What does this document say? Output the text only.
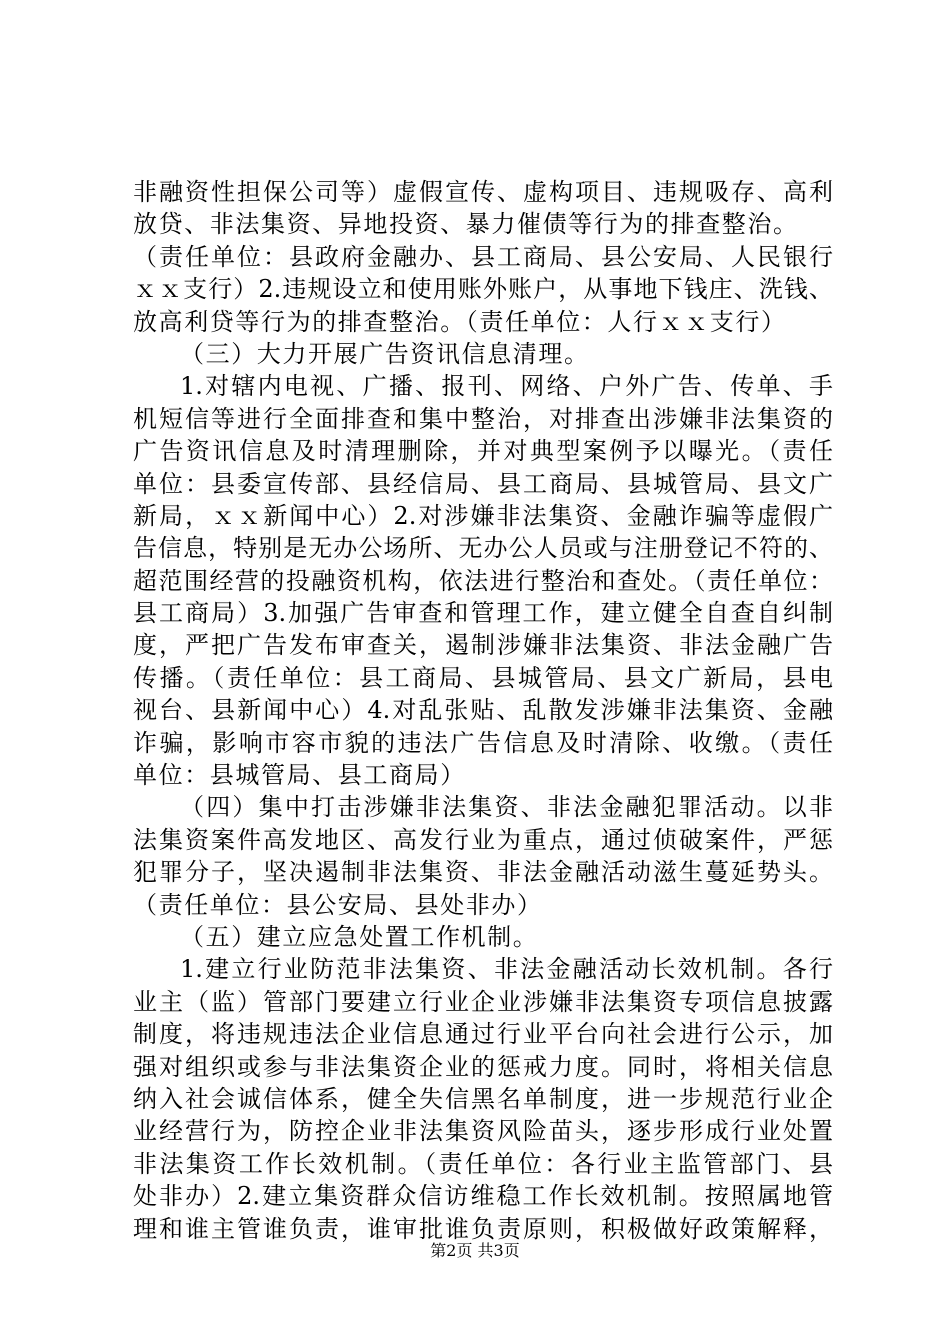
非融资性担保公司等）虚假宣传、虚构项目、违规吸存、高利
放贷、非法集资、异地投资、暴力催债等行为的排查整治。
（责任单位：县政府金融办、县工商局、县公安局、人民银行
ｘｘ支行）2.违规设立和使用账外账户，从事地下钱庄、洗钱、
放高利贷等行为的排查整治。（责任单位：人行ｘｘ支行）
（三）大力开展广告资讯信息清理。
1.对辖内电视、广播、报刊、网络、户外广告、传单、手
机短信等进行全面排查和集中整治，对排查出涉嫌非法集资的
广告资讯信息及时清理删除，并对典型案例予以曝光。（责任
单位：县委宣传部、县经信局、县工商局、县城管局、县文广
新局，ｘｘ新闻中心）2.对涉嫌非法集资、金融诈骗等虚假广
告信息，特别是无办公场所、无办公人员或与注册登记不符的、
超范围经营的投融资机构，依法进行整治和查处。（责任单位：
县工商局）3.加强广告审查和管理工作，建立健全自查自纠制
度，严把广告发布审查关，遏制涉嫌非法集资、非法金融广告
传播。（责任单位：县工商局、县城管局、县文广新局，县电
视台、县新闻中心）4.对乱张贴、乱散发涉嫌非法集资、金融
诈骗，影响市容市貌的违法广告信息及时清除、收缴。（责任
单位：县城管局、县工商局）
（四）集中打击涉嫌非法集资、非法金融犯罪活动。以非
法集资案件高发地区、高发行业为重点，通过侦破案件，严惩
犯罪分子，坚决遏制非法集资、非法金融活动滋生蔓延势头。
（责任单位：县公安局、县处非办）
（五）建立应急处置工作机制。
1.建立行业防范非法集资、非法金融活动长效机制。各行
业主（监）管部门要建立行业企业涉嫌非法集资专项信息披露
制度，将违规违法企业信息通过行业平台向社会进行公示，加
强对组织或参与非法集资企业的惩戒力度。同时，将相关信息
纳入社会诚信体系，健全失信黑名单制度，进一步规范行业企
业经营行为，防控企业非法集资风险苗头，逐步形成行业处置
非法集资工作长效机制。（责任单位：各行业主监管部门、县
处非办）2.建立集资群众信访维稳工作长效机制。按照属地管
理和谁主管谁负责，谁审批谁负责原则，积极做好政策解释，
第2页 共3页
